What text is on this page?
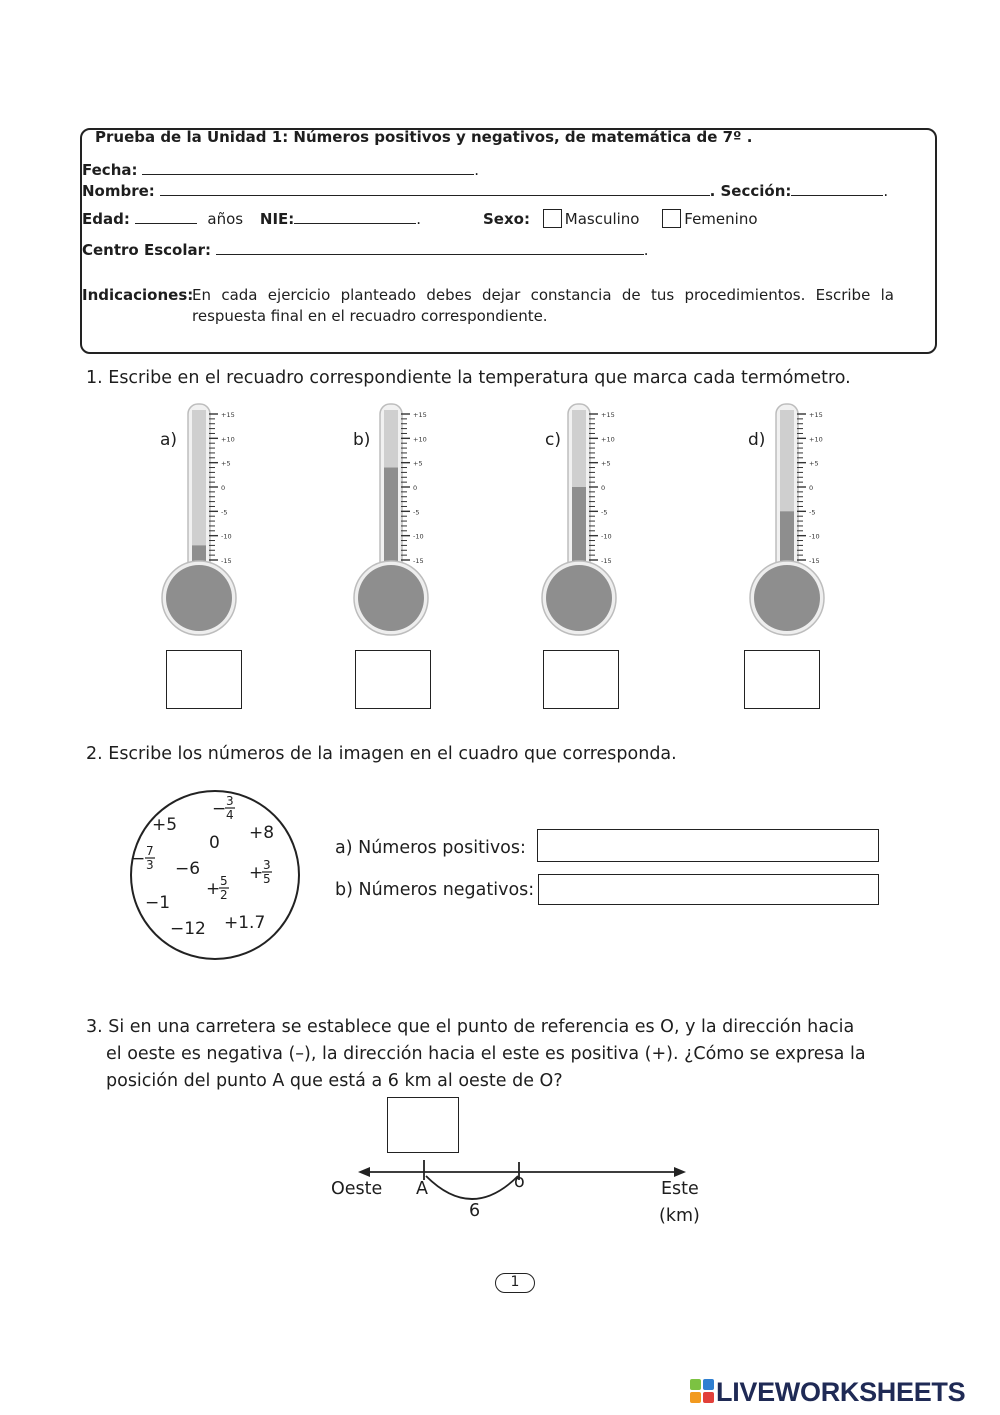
Prueba de la Unidad 1: Números positivos y negativos, de matemática de 7º .
Fecha:	.
Nombre:	. Sección:	.
Edad:	años NIE:	.	Sexo: Masculino	Femenino
Centro Escolar:	.
Indicaciones:
En cada ejercicio planteado debes dejar constancia de tus procedimientos. Escribe la respuesta final en el recuadro correspondiente.
1. Escribe en el recuadro correspondiente la temperatura que marca cada termómetro.
a)	b)	c)	d)
+15
+10
+5
0
-5
-10
-15
+15
+10
+5
0
-5
-10
-15
+15
+10
+5
0
-5
-10
-15
+15
+10
+5
0
-5
-10
-15
2. Escribe los números de la imagen en el cuadro que corresponda.
+5
0 +8
−6
−1
−12 +1.7
− 3
4
− 7
3	+ 3
5
+ 5
2
a) Números positivos:
b) Números negativos:
3. Si en una carretera se establece que el punto de referencia es O, y la dirección hacia
el oeste es negativa (–), la dirección hacia el este es positiva (+). ¿Cómo se expresa la
posición del punto A que está a 6 km al oeste de O?
Oeste A	o	Este
6	(km)
1
LIVEWORKSHEETS
